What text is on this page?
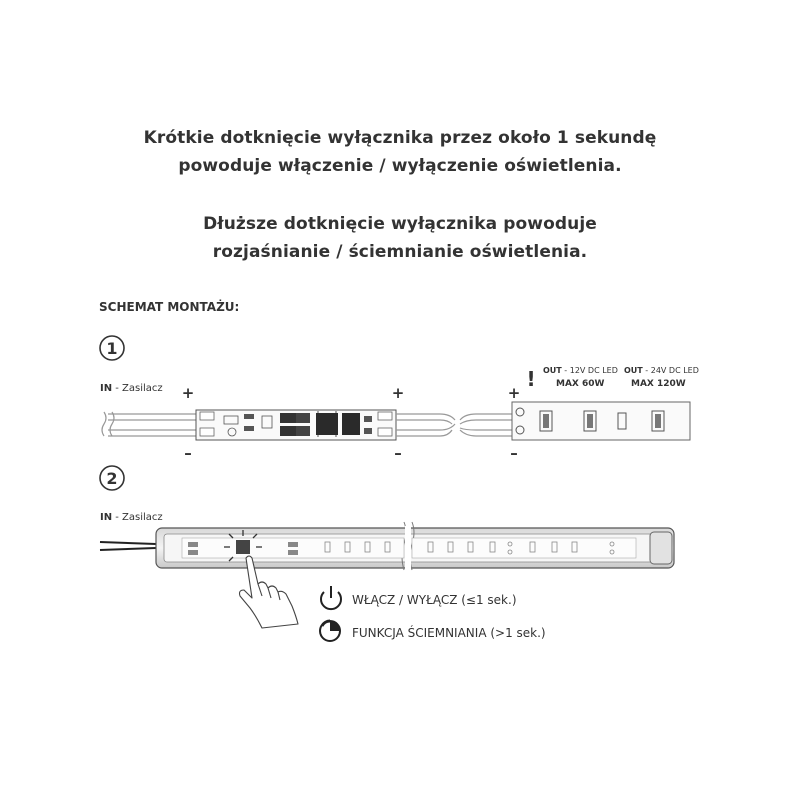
Krótkie dotknięcie wyłącznika przez około 1 sekundę
powoduje włączenie / wyłączenie oświetlenia.
Dłuższe dotknięcie wyłącznika powoduje
rozjaśnianie / ściemnianie oświetlenia.
SCHEMAT MONTAŻU:
1
IN - Zasilacz +
–
+
–
+
–
! OUT - 12V DC LED
MAX 60W
OUT - 24V DC LED
MAX 120W
2
IN - Zasilacz
WŁĄCZ / WYŁĄCZ (≤1 sek.)
FUNKCJA ŚCIEMNIANIA (>1 sek.)
